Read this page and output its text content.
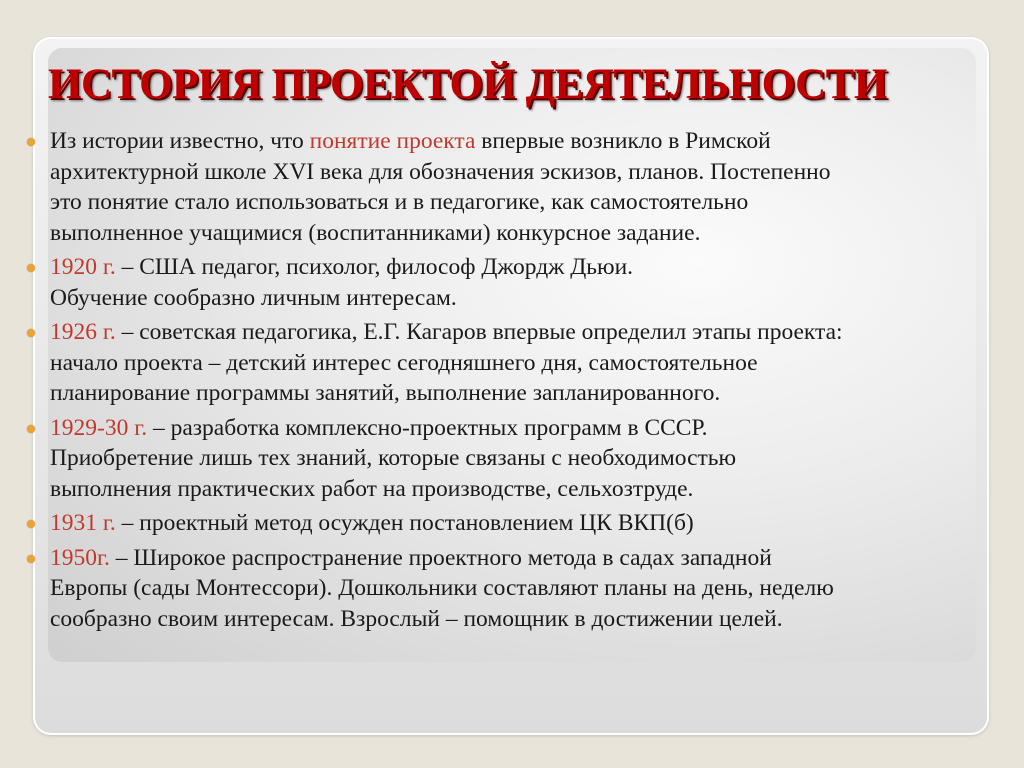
ИСТОРИЯ ПРОЕКТОЙ ДЕЯТЕЛЬНОСТИ
Из истории известно, что понятие проекта впервые возникло в Римской
архитектурной школе XVI века для обозначения эскизов, планов. Постепенно
это понятие стало использоваться и в педагогике, как самостоятельно
выполненное учащимися (воспитанниками) конкурсное задание.
1920 г. – США педагог, психолог, философ Джордж Дьюи.
Обучение сообразно личным интересам.
1926 г. – советская педагогика, Е.Г. Кагаров впервые определил этапы проекта:
начало проекта – детский интерес сегодняшнего дня, самостоятельное
планирование программы занятий, выполнение запланированного.
1929-30 г. – разработка комплексно-проектных программ в СССР.
Приобретение лишь тех знаний, которые связаны с необходимостью
выполнения практических работ на производстве, сельхозтруде.
1931 г. – проектный метод осужден постановлением ЦК ВКП(б)
1950г. – Широкое распространение проектного метода в садах западной
Европы (сады Монтессори). Дошкольники составляют планы на день, неделю
сообразно своим интересам. Взрослый – помощник в достижении целей.
